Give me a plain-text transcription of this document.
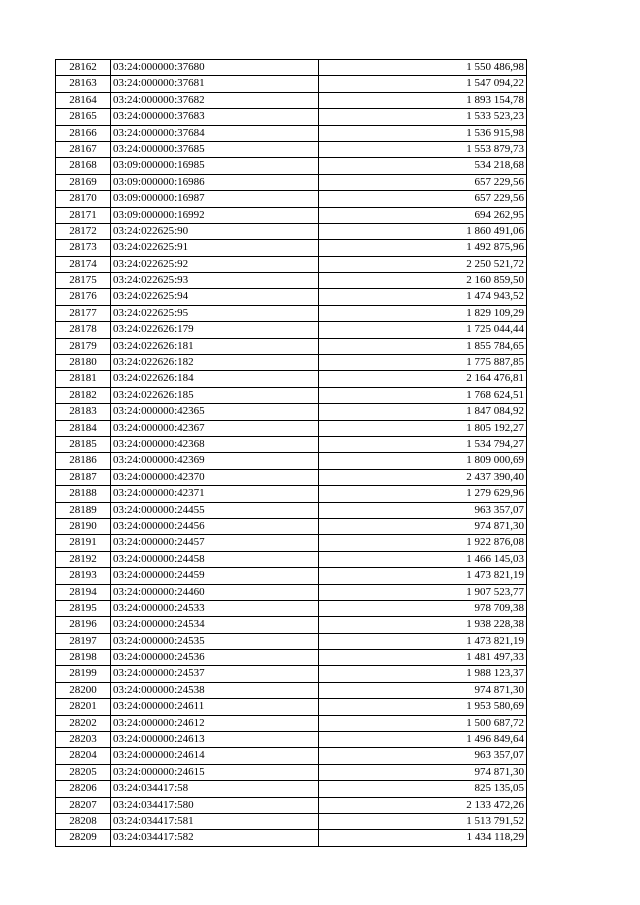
28162	03:24:000000:37680	1 550 486,98
28163	03:24:000000:37681	1 547 094,22
28164	03:24:000000:37682	1 893 154,78
28165	03:24:000000:37683	1 533 523,23
28166	03:24:000000:37684	1 536 915,98
28167	03:24:000000:37685	1 553 879,73
28168	03:09:000000:16985	534 218,68
28169	03:09:000000:16986	657 229,56
28170	03:09:000000:16987	657 229,56
28171	03:09:000000:16992	694 262,95
28172	03:24:022625:90	1 860 491,06
28173	03:24:022625:91	1 492 875,96
28174	03:24:022625:92	2 250 521,72
28175	03:24:022625:93	2 160 859,50
28176	03:24:022625:94	1 474 943,52
28177	03:24:022625:95	1 829 109,29
28178	03:24:022626:179	1 725 044,44
28179	03:24:022626:181	1 855 784,65
28180	03:24:022626:182	1 775 887,85
28181	03:24:022626:184	2 164 476,81
28182	03:24:022626:185	1 768 624,51
28183	03:24:000000:42365	1 847 084,92
28184	03:24:000000:42367	1 805 192,27
28185	03:24:000000:42368	1 534 794,27
28186	03:24:000000:42369	1 809 000,69
28187	03:24:000000:42370	2 437 390,40
28188	03:24:000000:42371	1 279 629,96
28189	03:24:000000:24455	963 357,07
28190	03:24:000000:24456	974 871,30
28191	03:24:000000:24457	1 922 876,08
28192	03:24:000000:24458	1 466 145,03
28193	03:24:000000:24459	1 473 821,19
28194	03:24:000000:24460	1 907 523,77
28195	03:24:000000:24533	978 709,38
28196	03:24:000000:24534	1 938 228,38
28197	03:24:000000:24535	1 473 821,19
28198	03:24:000000:24536	1 481 497,33
28199	03:24:000000:24537	1 988 123,37
28200	03:24:000000:24538	974 871,30
28201	03:24:000000:24611	1 953 580,69
28202	03:24:000000:24612	1 500 687,72
28203	03:24:000000:24613	1 496 849,64
28204	03:24:000000:24614	963 357,07
28205	03:24:000000:24615	974 871,30
28206	03:24:034417:58	825 135,05
28207	03:24:034417:580	2 133 472,26
28208	03:24:034417:581	1 513 791,52
28209	03:24:034417:582	1 434 118,29
